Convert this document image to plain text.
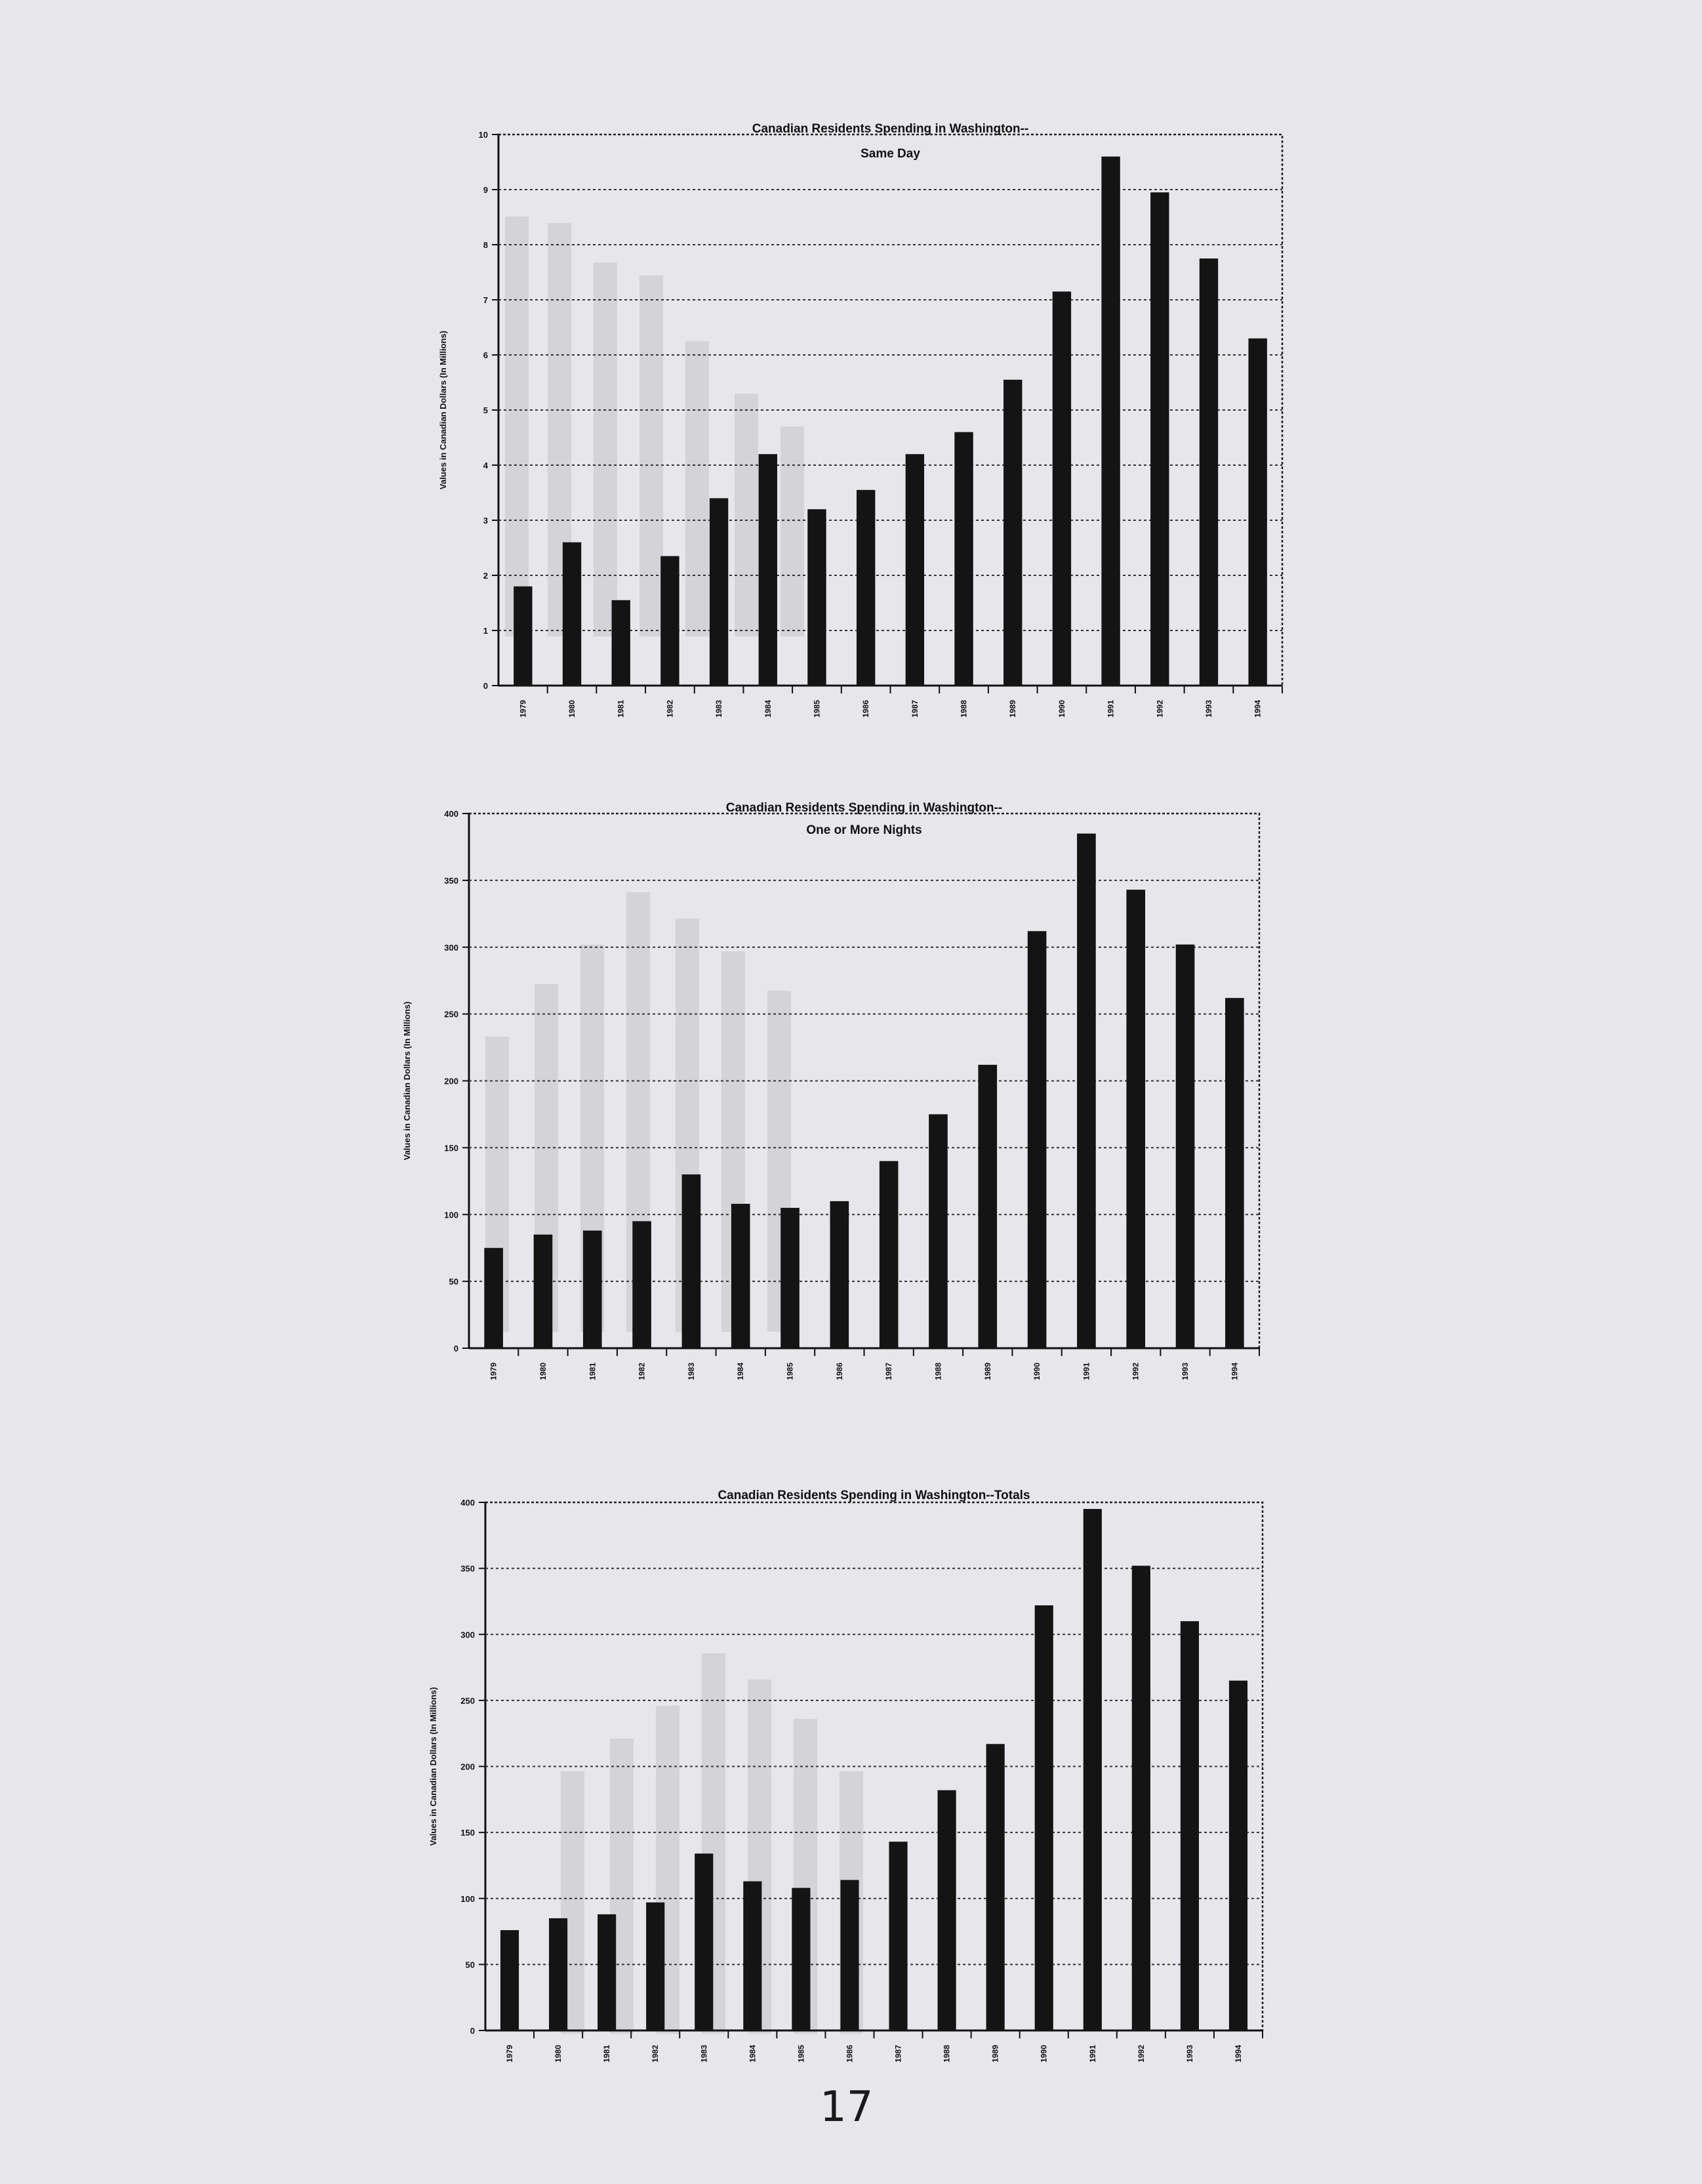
0
1
2
3
4
5
6
7
8
9
10
1979	1980	1981	1982	1983	1984	1985	1986	1987	1988	1989	1990	1991	1992	1993	1994
Canadian Residents Spending in Washington--
Same Day
Values in Canadian Dollars (In Millions)
0
50
100
150
200
250
300
350
400
1979	1980	1981	1982	1983	1984	1985	1986	1987	1988	1989	1990	1991	1992	1993	1994
Canadian Residents Spending in Washington--
One or More Nights
Values in Canadian Dollars (In Millions)
0
50
100
150
200
250
300
350
400
1979	1980	1981	1982	1983	1984	1985	1986	1987	1988	1989	1990	1991	1992	1993	1994
Canadian Residents Spending in Washington--Totals
Values in Canadian Dollars (In Millions)
17
